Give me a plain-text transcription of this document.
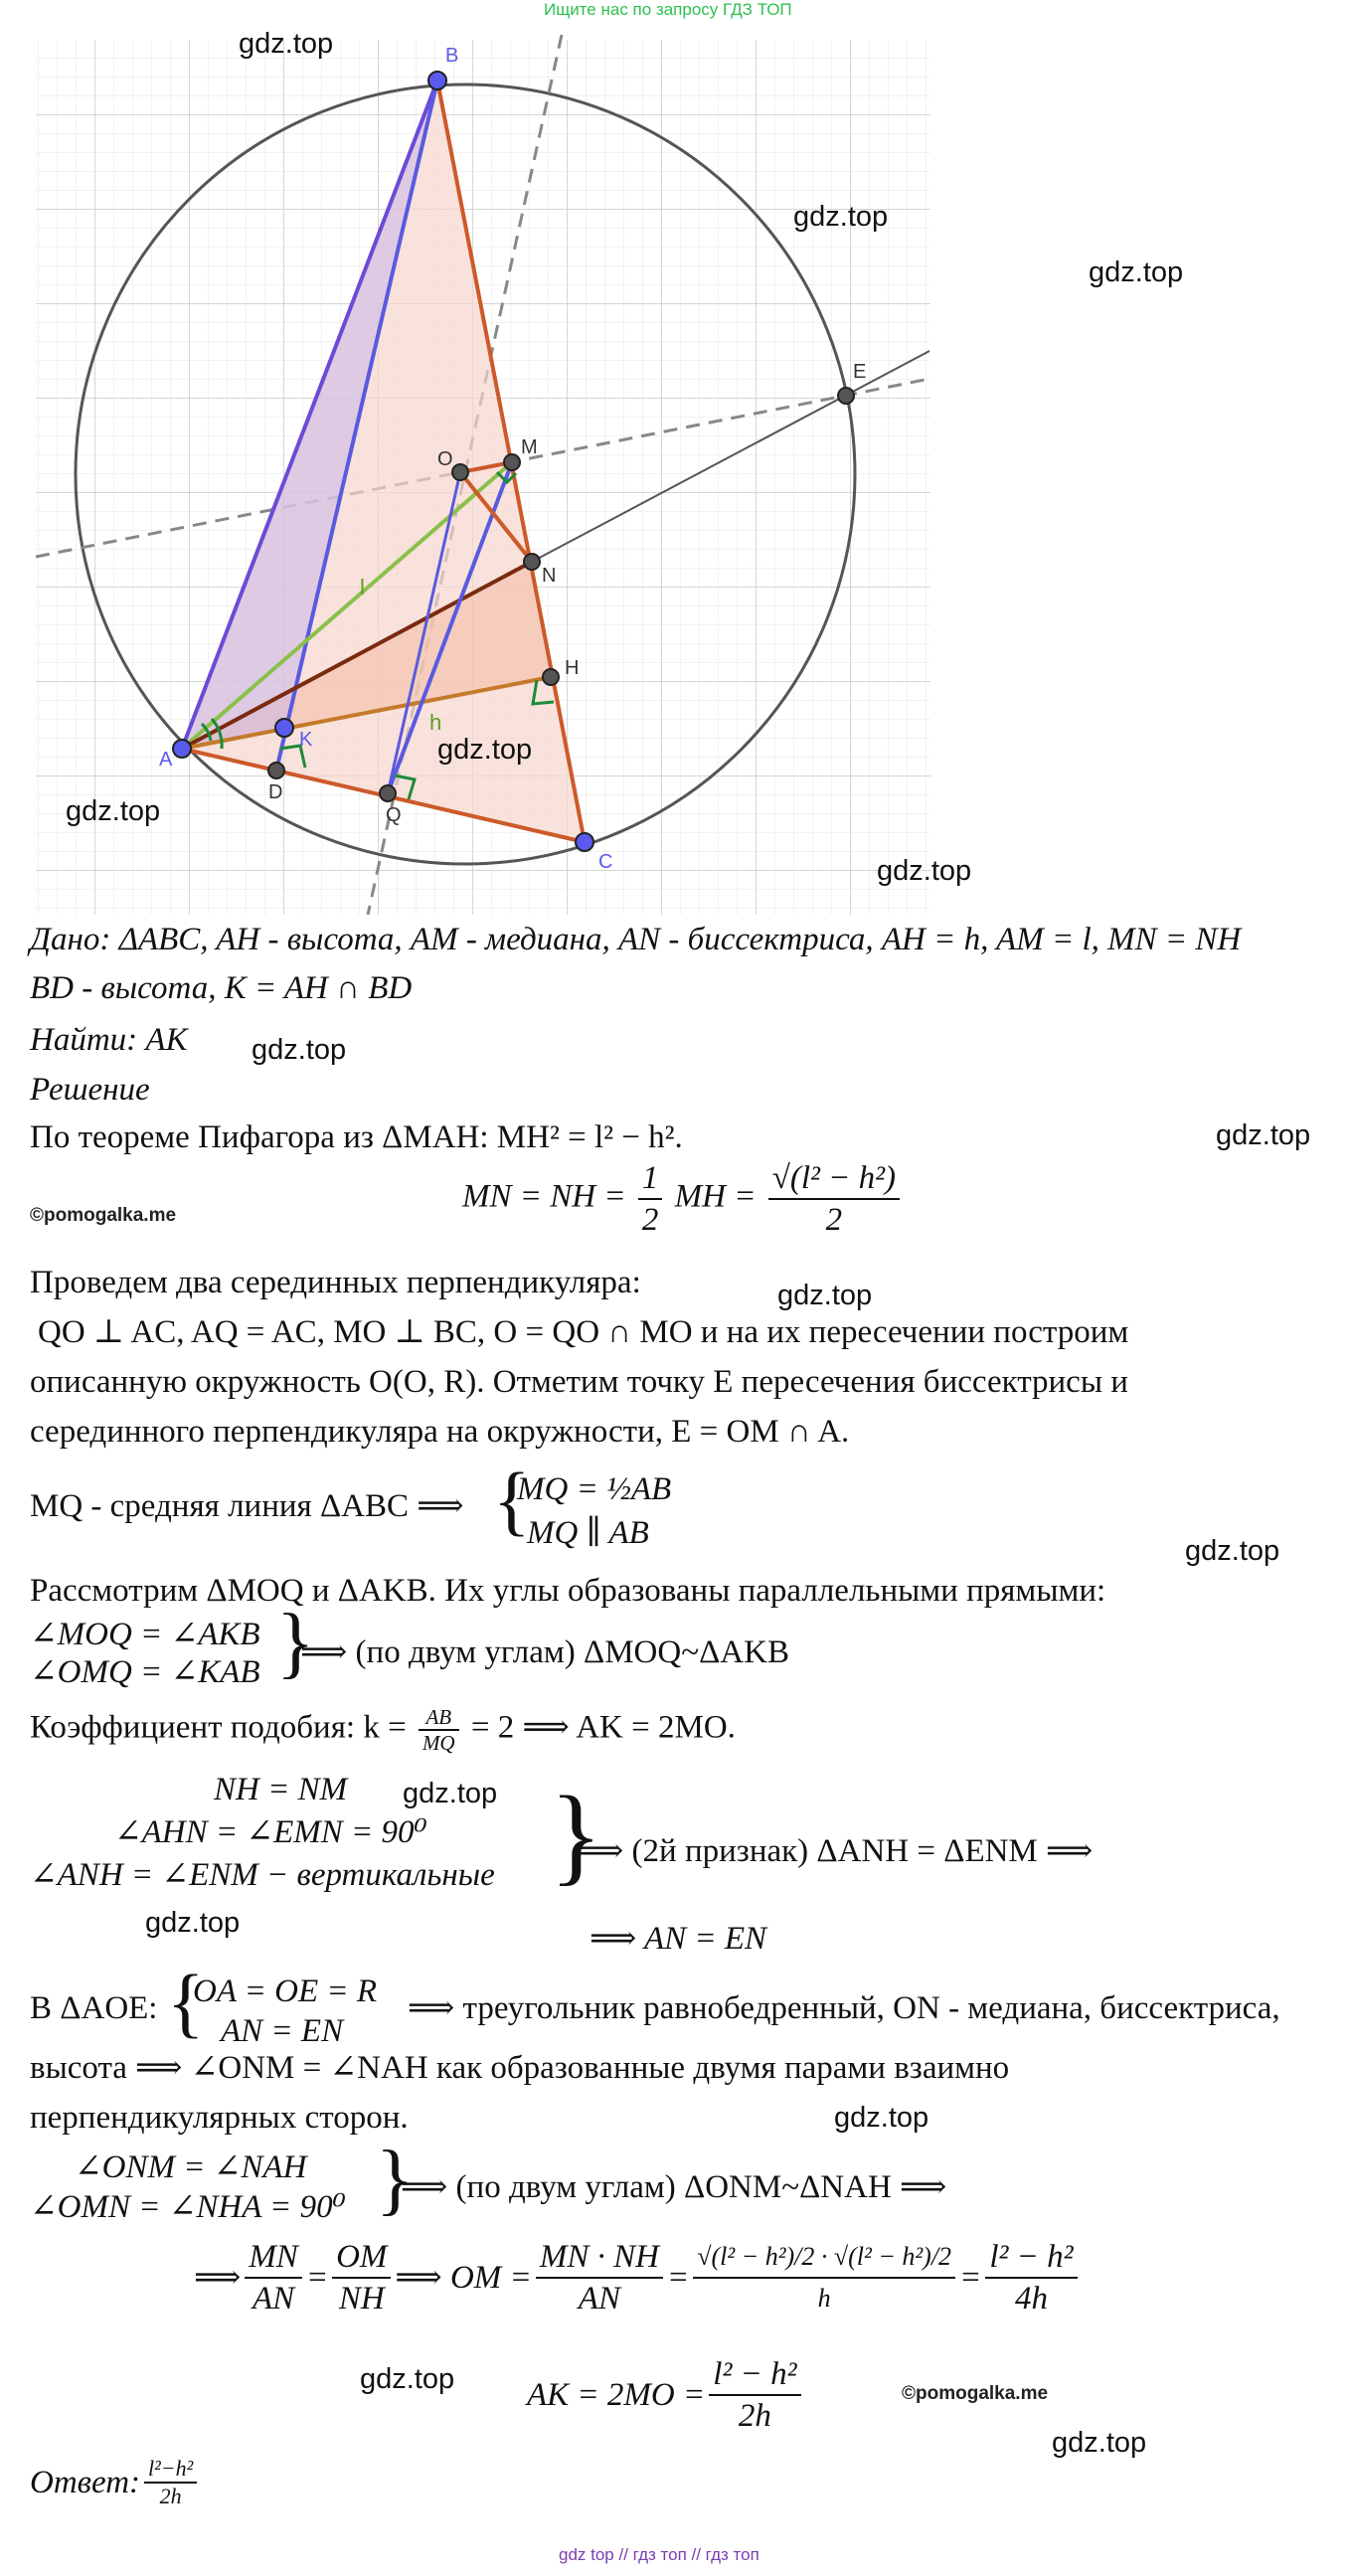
Ищите нас по запросу ГДЗ ТОП
l
h
B
E
O
M
N
H
A
K
D
Q
C
gdz.top
gdz.top
gdz.top
gdz.top
gdz.top
gdz.top
gdz.top
gdz.top
gdz.top
gdz.top
gdz.top
gdz.top
gdz.top
gdz.top
gdz.top
©pomogalka.me
©pomogalka.me
Дано: ΔABC, AH - высота, AM - медиана, AN - биссектриса, AH = h, AM = l, MN = NH
BD - высота, K = AH ∩ BD
Найти: AK
Решение
По теореме Пифагора из ΔMAH: MH² = l² − h².
MN = NH = $\frac{1}{2}$ MH = $\frac{\text{√(l² − h²)}}{2}$
Проведем два серединных перпендикуляра:
QO ⊥ AC, AQ = AC, MO ⊥ BC, O = QO ∩ MO и на их пересечении построим
описанную окружность O(O, R). Отметим точку E пересечения биссектрисы и
серединного перпендикуляра на окружности, E = OM ∩ A.
MQ - средняя линия ΔABC ⟹ {
MQ = ½AB
MQ ∥ AB
Рассмотрим ΔMOQ и ΔAKB. Их углы образованы параллельными прямыми:
∠MOQ = ∠AKB
∠OMQ = ∠KAB }
⟹ (по двум углам) ΔMOQ~ΔAKB
Коэффициент подобия: $k = \frac{AB}{MQ} = 2$ ⟹ AK = 2MO.
NH = NM
∠AHN = ∠EMN = 90⁰
∠ANH = ∠ENM − вертикальные }
⟹ (2й признак) ΔANH = ΔENM ⟹
⟹ AN = EN
В ΔAOE: {
OA = OE = R
AN = EN
⟹ треугольник равнобедренный, ON - медиана, биссектриса,
высота ⟹ ∠ONM = ∠NAH как образованные двумя парами взаимно
перпендикулярных сторон.
∠ONM = ∠NAH
∠OMN = ∠NHA = 90⁰ }
⟹ (по двум углам) ΔONM~ΔNAH ⟹
⟹ $\frac{MN}{AN} = \frac{OM}{NH}$ ⟹ OM = $\frac{MN \cdot NH}{AN} = \frac{\text{√(l² − h²)/2 · √(l² − h²)/2}}{h} = \frac{\text{l² − h²}}{4h}$
AK = $2MO = \frac{\text{l² − h²}}{2h}$
Ответ : $\frac{\text{l²−h²}}{2h}$
gdz top // гдз топ // гдз топ
